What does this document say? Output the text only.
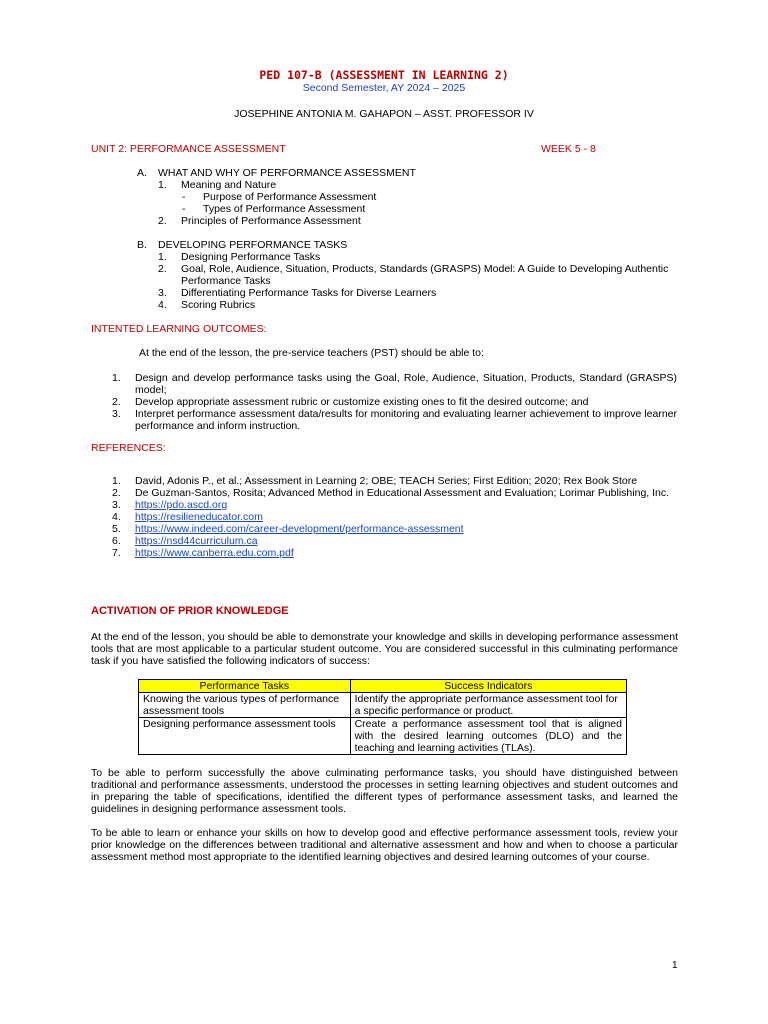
PED 107-B (ASSESSMENT IN LEARNING 2)
Second Semester, AY 2024 – 2025
JOSEPHINE ANTONIA M. GAHAPON – ASST. PROFESSOR IV
UNIT 2: PERFORMANCE ASSESSMENT	WEEK 5 - 8
A. WHAT AND WHY OF PERFORMANCE ASSESSMENT
1. Meaning and Nature
- Purpose of Performance Assessment
- Types of Performance Assessment
2. Principles of Performance Assessment
B. DEVELOPING PERFORMANCE TASKS
1.	Designing Performance Tasks
2.	Goal, Role, Audience, Situation, Products, Standards (GRASPS) Model: A Guide to Developing Authentic Performance Tasks
3.	Differentiating Performance Tasks for Diverse Learners
4.	Scoring Rubrics
INTENTED LEARNING OUTCOMES:
At the end of the lesson, the pre-service teachers (PST) should be able to:
1.	Design and develop performance tasks using the Goal, Role, Audience, Situation, Products, Standard (GRASPS) model;
2.	Develop appropriate assessment rubric or customize existing ones to fit the desired outcome; and
3.	Interpret performance assessment data/results for monitoring and evaluating learner achievement to improve learner performance and inform instruction.
REFERENCES:
1.	David, Adonis P., et al.; Assessment in Learning 2; OBE; TEACH Series; First Edition; 2020; Rex Book Store
2.	De Guzman-Santos, Rosita; Advanced Method in Educational Assessment and Evaluation; Lorimar Publishing, Inc.
3.	https://pdo.ascd.org
4.	https://resilieneducator.com
5.	https://www.indeed.com/career-development/performance-assessment
6.	https://nsd44curriculum.ca
7.	https://www.canberra.edu.com.pdf
ACTIVATION OF PRIOR KNOWLEDGE
At the end of the lesson, you should be able to demonstrate your knowledge and skills in developing performance assessment tools that are most applicable to a particular student outcome. You are considered successful in this culminating performance task if you have satisfied the following indicators of success:
Performance Tasks	Success Indicators
Knowing the various types of performance assessment tools	Identify the appropriate performance assessment tool for a specific performance or product.
Designing performance assessment tools	Create a performance assessment tool that is aligned with the desired learning outcomes (DLO) and the teaching and learning activities (TLAs).
To be able to perform successfully the above culminating performance tasks, you should have distinguished between traditional and performance assessments, understood the processes in setting learning objectives and student outcomes and in preparing the table of specifications, identified the different types of performance assessment tasks, and learned the guidelines in designing performance assessment tools.
To be able to learn or enhance your skills on how to develop good and effective performance assessment tools, review your prior knowledge on the differences between traditional and alternative assessment and how and when to choose a particular assessment method most appropriate to the identified learning objectives and desired learning outcomes of your course.
1
